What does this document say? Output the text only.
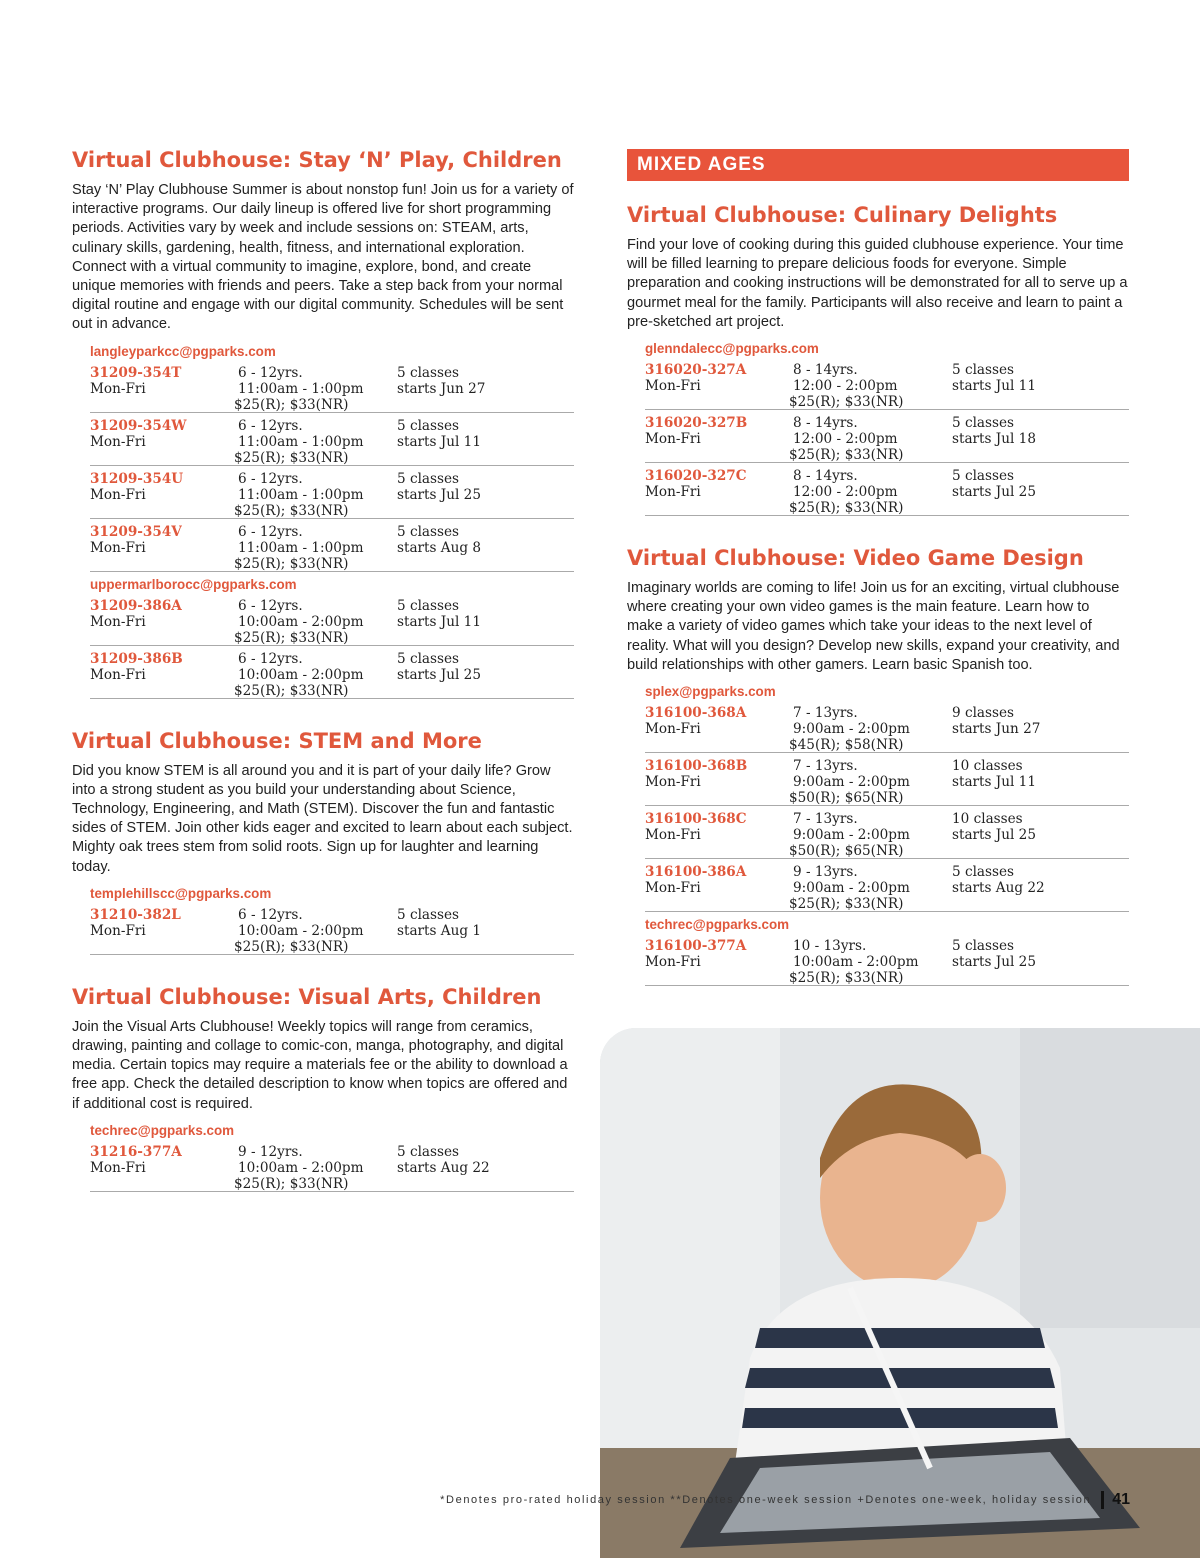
Virtual Clubhouse: Stay ‘N’ Play, Children
Stay ‘N’ Play Clubhouse Summer is about nonstop fun! Join us for a variety of interactive programs. Our daily lineup is offered live for short programming periods. Activities vary by week and include sessions on: STEAM, arts, culinary skills, gardening, health, fitness, and international exploration. Connect with a virtual community to imagine, explore, bond, and create unique memories with friends and peers. Take a step back from your normal digital routine and engage with our digital community. Schedules will be sent out in advance.
langleyparkcc@pgparks.com
31209-354T
Mon-Fri
6 - 12yrs.
11:00am - 1:00pm
$25(R); $33(NR)
5 classes
starts Jun 27
31209-354W
Mon-Fri
6 - 12yrs.
11:00am - 1:00pm
$25(R); $33(NR)
5 classes
starts Jul 11
31209-354U
Mon-Fri
6 - 12yrs.
11:00am - 1:00pm
$25(R); $33(NR)
5 classes
starts Jul 25
31209-354V
Mon-Fri
6 - 12yrs.
11:00am - 1:00pm
$25(R); $33(NR)
5 classes
starts Aug 8
uppermarlborocc@pgparks.com
31209-386A
Mon-Fri
6 - 12yrs.
10:00am - 2:00pm
$25(R); $33(NR)
5 classes
starts Jul 11
31209-386B
Mon-Fri
6 - 12yrs.
10:00am - 2:00pm
$25(R); $33(NR)
5 classes
starts Jul 25
Virtual Clubhouse: STEM and More
Did you know STEM is all around you and it is part of your daily life? Grow into a strong student as you build your understanding about Science, Technology, Engineering, and Math (STEM). Discover the fun and fantastic sides of STEM. Join other kids eager and excited to learn about each subject. Mighty oak trees stem from solid roots. Sign up for laughter and learning today.
templehillscc@pgparks.com
31210-382L
Mon-Fri
6 - 12yrs.
10:00am - 2:00pm
$25(R); $33(NR)
5 classes
starts Aug 1
Virtual Clubhouse: Visual Arts, Children
Join the Visual Arts Clubhouse! Weekly topics will range from ceramics, drawing, painting and collage to comic-con, manga, photography, and digital media. Certain topics may require a materials fee or the ability to download a free app. Check the detailed description to know when topics are offered and if additional cost is required.
techrec@pgparks.com
31216-377A
Mon-Fri
9 - 12yrs.
10:00am - 2:00pm
$25(R); $33(NR)
5 classes
starts Aug 22
MIXED AGES
Virtual Clubhouse: Culinary Delights
Find your love of cooking during this guided clubhouse experience. Your time will be filled learning to prepare delicious foods for everyone. Simple preparation and cooking instructions will be demonstrated for all to serve up a gourmet meal for the family. Participants will also receive and learn to paint a pre-sketched art project.
glenndalecc@pgparks.com
316020-327A
Mon-Fri
8 - 14yrs.
12:00 - 2:00pm
$25(R); $33(NR)
5 classes
starts Jul 11
316020-327B
Mon-Fri
8 - 14yrs.
12:00 - 2:00pm
$25(R); $33(NR)
5 classes
starts Jul 18
316020-327C
Mon-Fri
8 - 14yrs.
12:00 - 2:00pm
$25(R); $33(NR)
5 classes
starts Jul 25
Virtual Clubhouse: Video Game Design
Imaginary worlds are coming to life! Join us for an exciting, virtual clubhouse where creating your own video games is the main feature. Learn how to make a variety of video games which take your ideas to the next level of reality. What will you design? Develop new skills, expand your creativity, and build relationships with other gamers. Learn basic Spanish too.
splex@pgparks.com
316100-368A
Mon-Fri
7 - 13yrs.
9:00am - 2:00pm
$45(R); $58(NR)
9 classes
starts Jun 27
316100-368B
Mon-Fri
7 - 13yrs.
9:00am - 2:00pm
$50(R); $65(NR)
10 classes
starts Jul 11
316100-368C
Mon-Fri
7 - 13yrs.
9:00am - 2:00pm
$50(R); $65(NR)
10 classes
starts Jul 25
316100-386A
Mon-Fri
9 - 13yrs.
9:00am - 2:00pm
$25(R); $33(NR)
5 classes
starts Aug 22
techrec@pgparks.com
316100-377A
Mon-Fri
10 - 13yrs.
10:00am - 2:00pm
$25(R); $33(NR)
5 classes
starts Jul 25
*Denotes pro-rated holiday session **Denotes one-week session +Denotes one-week, holiday session	41
